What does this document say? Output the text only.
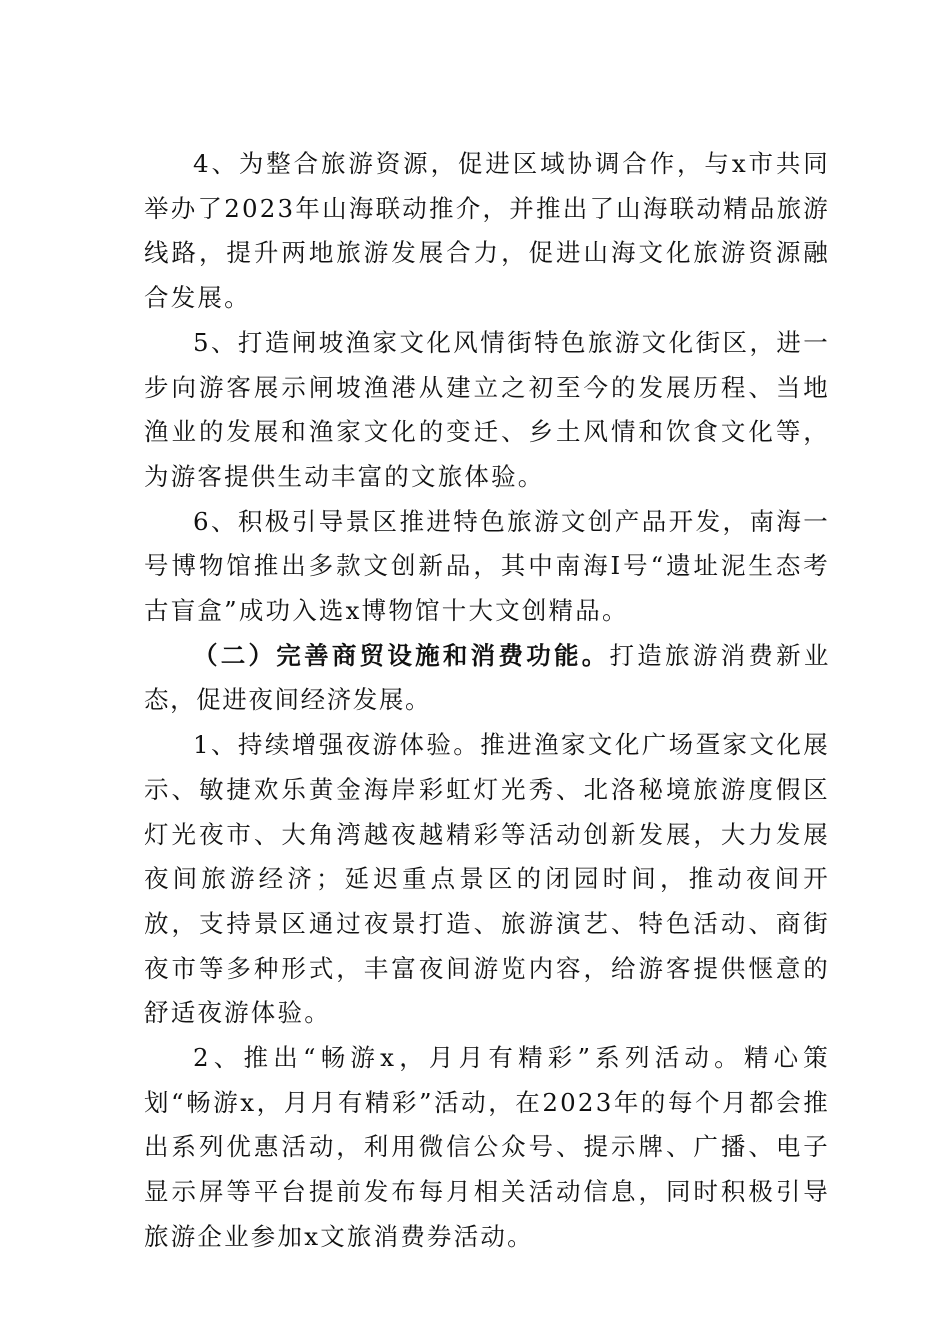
4、为整合旅游资源，促进区域协调合作，与x市共同举办了2023年山海联动推介，并推出了山海联动精品旅游线路，提升两地旅游发展合力，促进山海文化旅游资源融合发展。

5、打造闸坡渔家文化风情街特色旅游文化街区，进一步向游客展示闸坡渔港从建立之初至今的发展历程、当地渔业的发展和渔家文化的变迁、乡土风情和饮食文化等，为游客提供生动丰富的文旅体验。

6、积极引导景区推进特色旅游文创产品开发，南海一号博物馆推出多款文创新品，其中南海Ⅰ号“遗址泥生态考古盲盒”成功入选x博物馆十大文创精品。

（二）完善商贸设施和消费功能。打造旅游消费新业态，促进夜间经济发展。

1、持续增强夜游体验。推进渔家文化广场疍家文化展示、敏捷欢乐黄金海岸彩虹灯光秀、北洛秘境旅游度假区灯光夜市、大角湾越夜越精彩等活动创新发展，大力发展夜间旅游经济；延迟重点景区的闭园时间，推动夜间开放，支持景区通过夜景打造、旅游演艺、特色活动、商街夜市等多种形式，丰富夜间游览内容，给游客提供惬意的舒适夜游体验。

2、推出“畅游x，月月有精彩”系列活动。精心策划“畅游x，月月有精彩”活动，在2023年的每个月都会推出系列优惠活动，利用微信公众号、提示牌、广播、电子显示屏等平台提前发布每月相关活动信息，同时积极引导旅游企业参加x文旅消费券活动。
